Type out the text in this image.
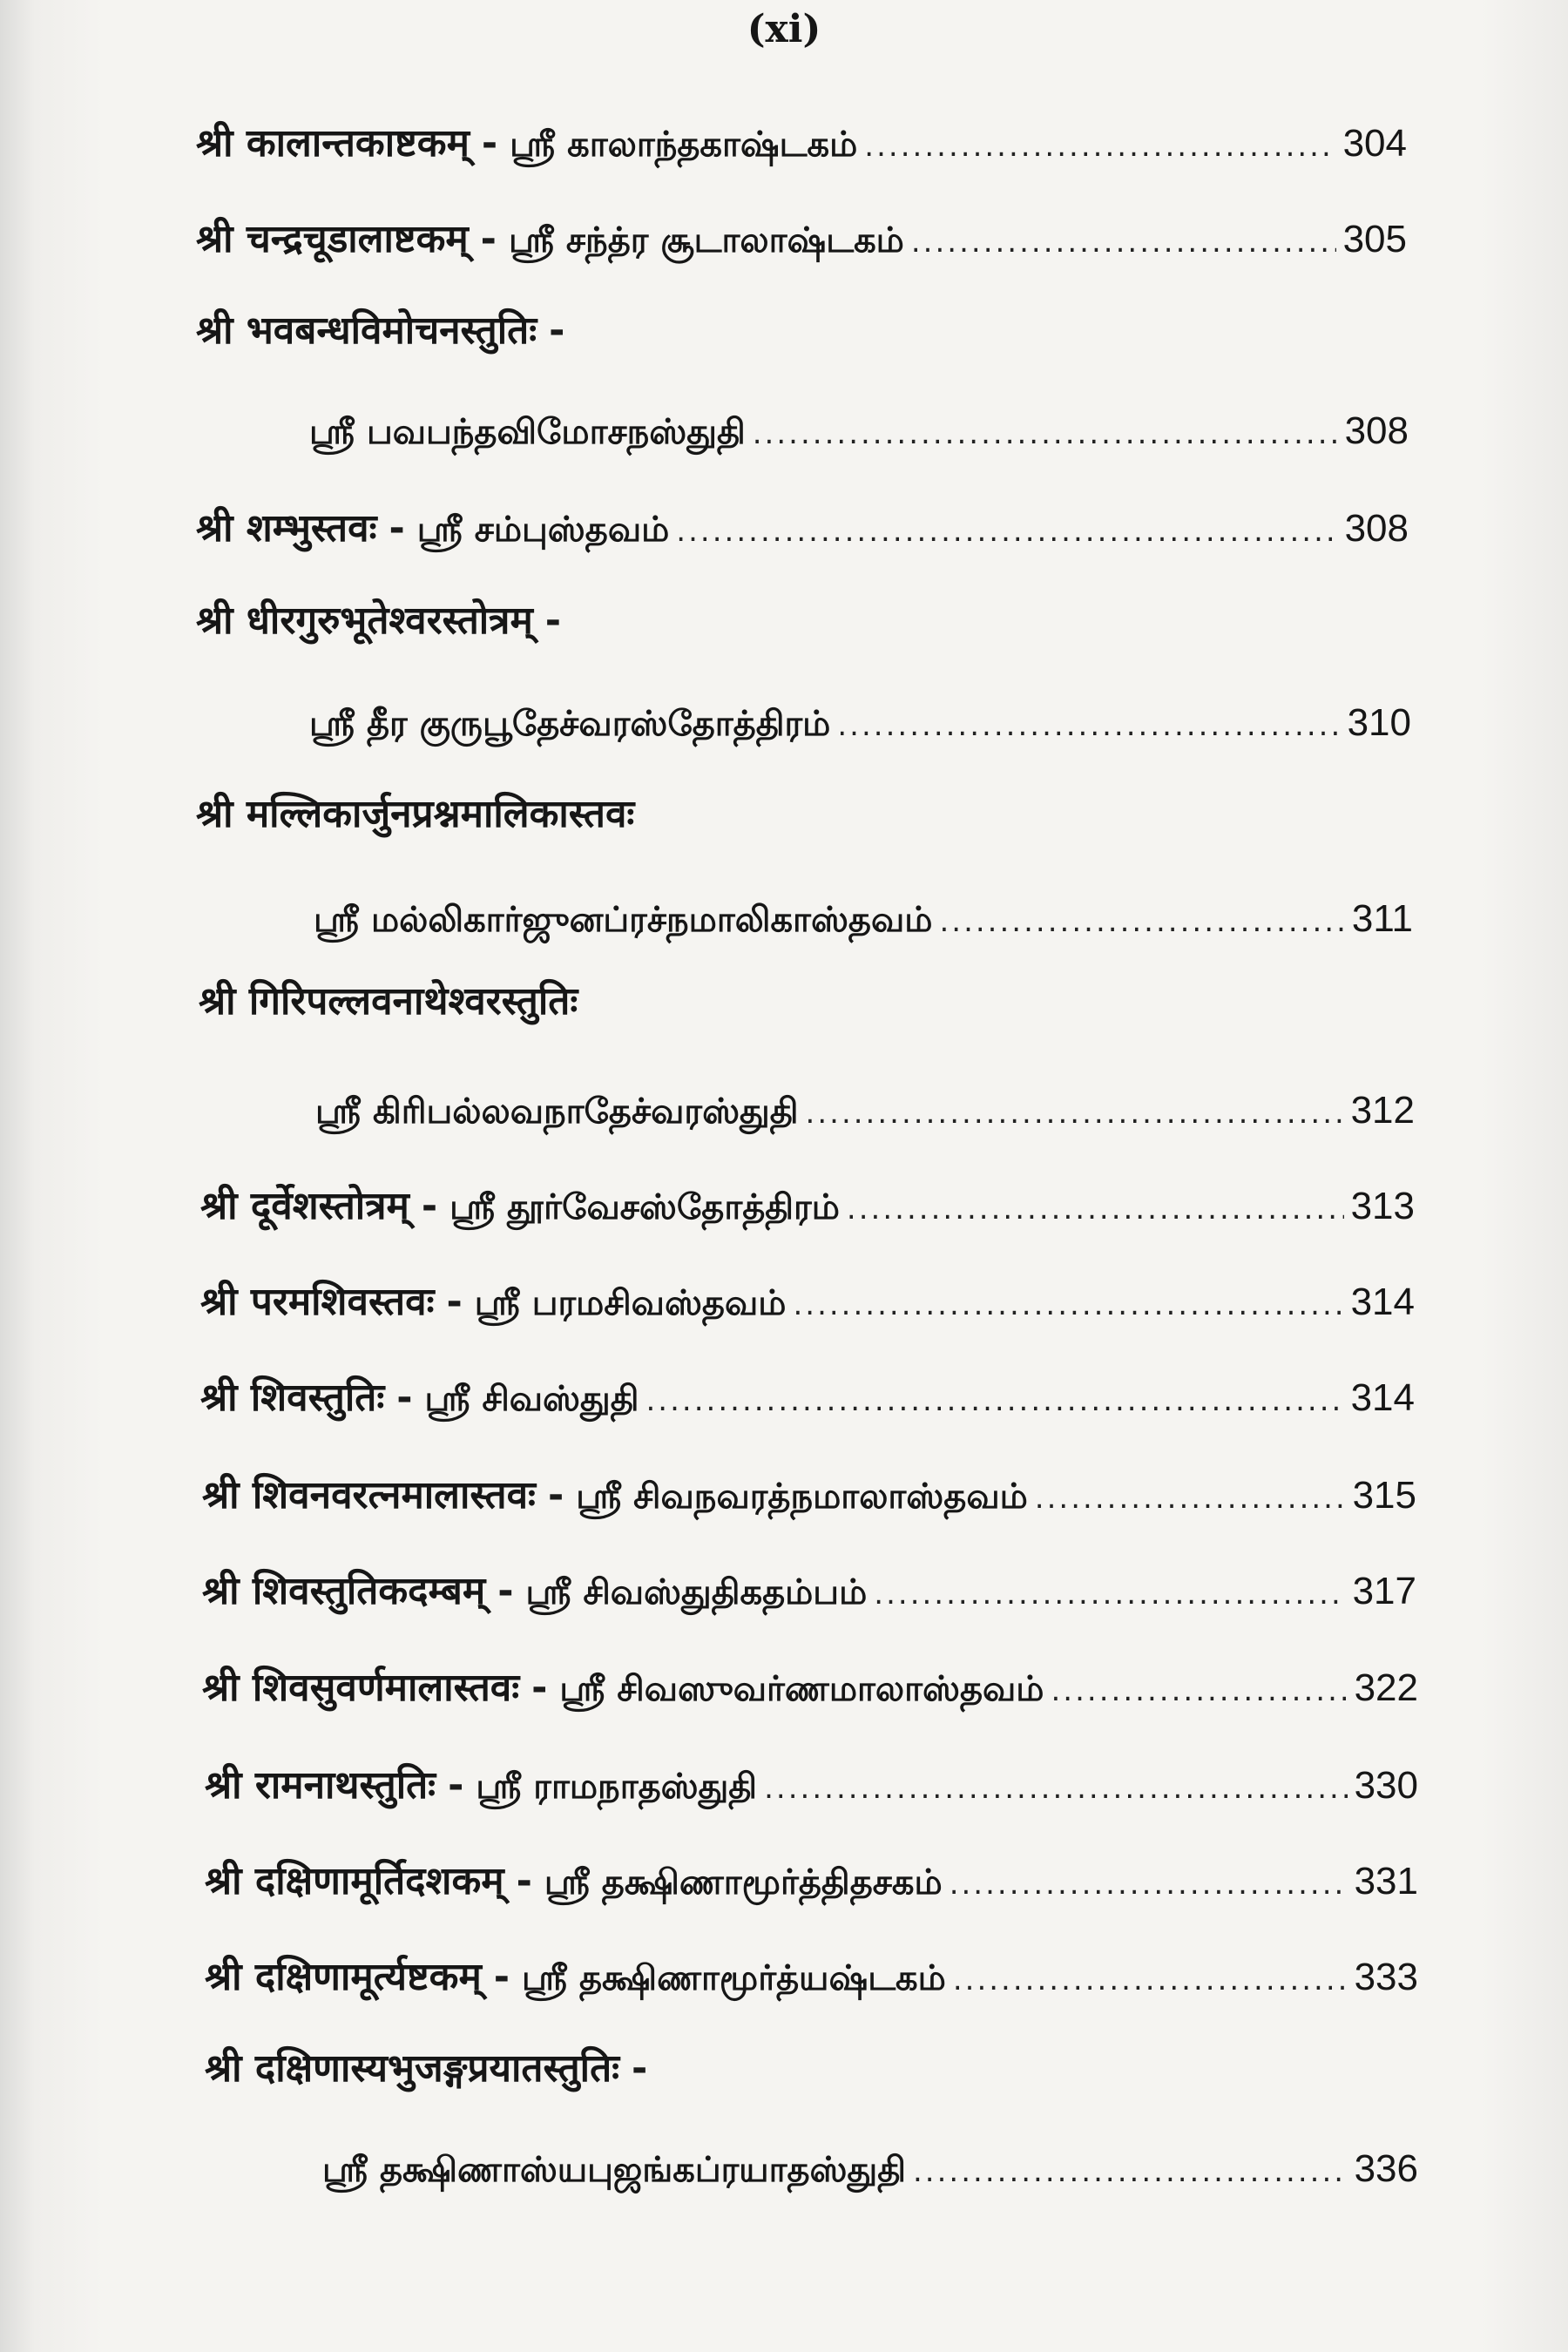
(xi)
श्री कालान्तकाष्टकम् - ஸ்ரீ காலாந்தகாஷ்டகம் .....	304
श्री चन्द्रचूडालाष्टकम् - ஸ்ரீ சந்த்ர சூடாலாஷ்டகம் .....	305
श्री भवबन्धविमोचनस्तुतिः -
ஸ்ரீ பவபந்தவிமோசநஸ்துதி .....	308
श्री शम्भुस्तवः - ஸ்ரீ சம்புஸ்தவம் .....	308
श्री धीरगुरुभूतेश्वरस्तोत्रम् -
ஸ்ரீ தீர குருபூதேச்வரஸ்தோத்திரம் .....	310
श्री मल्लिकार्जुनप्रश्नमालिकास्तवः
ஸ்ரீ மல்லிகார்ஜுனப்ரச்நமாலிகாஸ்தவம் .....	311
श्री गिरिपल्लवनाथेश्वरस्तुतिः
ஸ்ரீ கிரிபல்லவநாதேச்வரஸ்துதி .....	312
श्री दूर्वेशस्तोत्रम् - ஸ்ரீ தூர்வேசஸ்தோத்திரம் .....	313
श्री परमशिवस्तवः - ஸ்ரீ பரமசிவஸ்தவம் .....	314
श्री शिवस्तुतिः - ஸ்ரீ சிவஸ்துதி .....	314
श्री शिवनवरत्नमालास्तवः - ஸ்ரீ சிவநவரத்நமாலாஸ்தவம் .....	315
श्री शिवस्तुतिकदम्बम् - ஸ்ரீ சிவஸ்துதிகதம்பம் .....	317
श्री शिवसुवर्णमालास्तवः - ஸ்ரீ சிவஸுவர்ணமாலாஸ்தவம் .....	322
श्री रामनाथस्तुतिः - ஸ்ரீ ராமநாதஸ்துதி .....	330
श्री दक्षिणामूर्तिदशकम् - ஸ்ரீ தக்ஷிணாமூர்த்திதசகம் .....	331
श्री दक्षिणामूर्त्यष्टकम् - ஸ்ரீ தக்ஷிணாமூர்த்யஷ்டகம் .....	333
श्री दक्षिणास्यभुजङ्गप्रयातस्तुतिः -
ஸ்ரீ தக்ஷிணாஸ்யபுஜங்கப்ரயாதஸ்துதி .....	336
